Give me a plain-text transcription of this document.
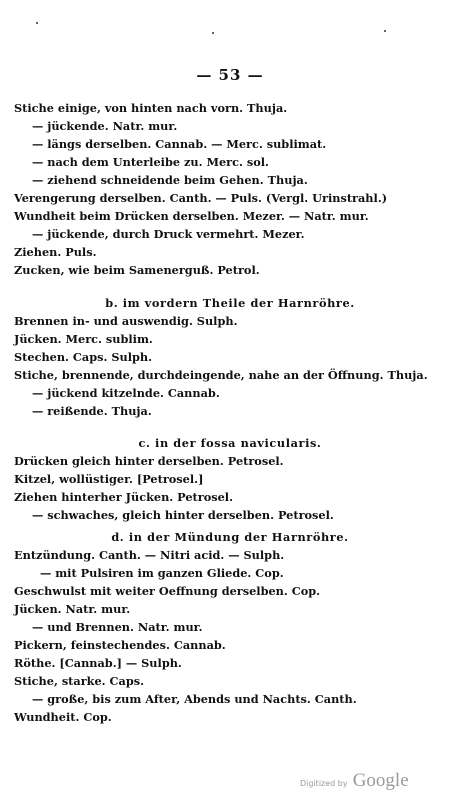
— 53 —
Stiche einige, von hinten nach vorn. Thuja.
— jückende. Natr. mur.
— längs derselben. Cannab. — Merc. sublimat.
— nach dem Unterleibe zu. Merc. sol.
— ziehend schneidende beim Gehen. Thuja.
Verengerung derselben. Canth. — Puls. (Vergl. Urinstrahl.)
Wundheit beim Drücken derselben. Mezer. — Natr. mur.
— jückende, durch Druck vermehrt. Mezer.
Ziehen. Puls.
Zucken, wie beim Samenerguß. Petrol.
b. im vordern Theile der Harnröhre.
Brennen in- und auswendig. Sulph.
Jücken. Merc. sublim.
Stechen. Caps. Sulph.
Stiche, brennende, durchdeingende, nahe an der Öffnung. Thuja.
— jückend kitzelnde. Cannab.
— reißende. Thuja.
c. in der fossa navicularis.
Drücken gleich hinter derselben. Petrosel.
Kitzel, wollüstiger. [Petrosel.]
Ziehen hinterher Jücken. Petrosel.
— schwaches, gleich hinter derselben. Petrosel.
d. in der Mündung der Harnröhre.
Entzündung. Canth. — Nitri acid. — Sulph.
— mit Pulsiren im ganzen Gliede. Cop.
Geschwulst mit weiter Oeffnung derselben. Cop.
Jücken. Natr. mur.
— und Brennen. Natr. mur.
Pickern, feinstechendes. Cannab.
Röthe. [Cannab.] — Sulph.
Stiche, starke. Caps.
— große, bis zum After, Abends und Nachts. Canth.
Wundheit. Cop.
Digitized by Google
